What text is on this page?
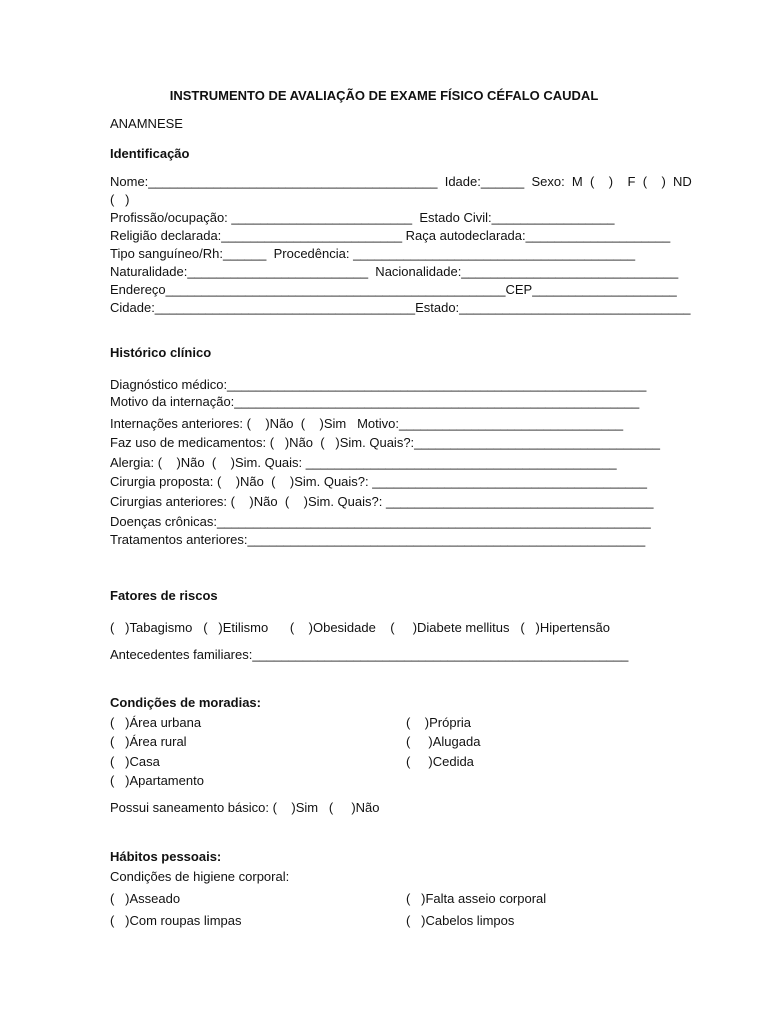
INSTRUMENTO DE AVALIAÇÃO DE EXAME FÍSICO CÉFALO CAUDAL
ANAMNESE
Identificação
Nome:________________________________________  Idade:______  Sexo:  M  (    )    F  (    )  ND
(   )
Profissão/ocupação: _________________________  Estado Civil:_________________
Religião declarada:_________________________ Raça autodeclarada:____________________
Tipo sanguíneo/Rh:______  Procedência: _______________________________________
Naturalidade:_________________________  Nacionalidade:______________________________
Endereço_______________________________________________CEP____________________
Cidade:____________________________________Estado:________________________________
Histórico clínico
Diagnóstico médico:__________________________________________________________
Motivo da internação:________________________________________________________
Internações anteriores: (    )Não  (    )Sim   Motivo:_______________________________
Faz uso de medicamentos: (   )Não  (   )Sim. Quais?:__________________________________
Alergia: (    )Não  (    )Sim. Quais: ___________________________________________
Cirurgia proposta: (    )Não  (    )Sim. Quais?: ______________________________________
Cirurgias anteriores: (    )Não  (    )Sim. Quais?: _____________________________________
Doenças crônicas:____________________________________________________________
Tratamentos anteriores:_______________________________________________________
Fatores de riscos
(   )Tabagismo   (   )Etilismo      (    )Obesidade    (     )Diabete mellitus   (   )Hipertensão
Antecedentes familiares:____________________________________________________
Condições de moradias:
(   )Área urbana
(   )Área rural
(   )Casa
(   )Apartamento
(    )Própria
(     )Alugada
(     )Cedida
Possui saneamento básico: (    )Sim   (     )Não
Hábitos pessoais:
Condições de higiene corporal:
(   )Asseado
(   )Com roupas limpas
(   )Falta asseio corporal
(   )Cabelos limpos
